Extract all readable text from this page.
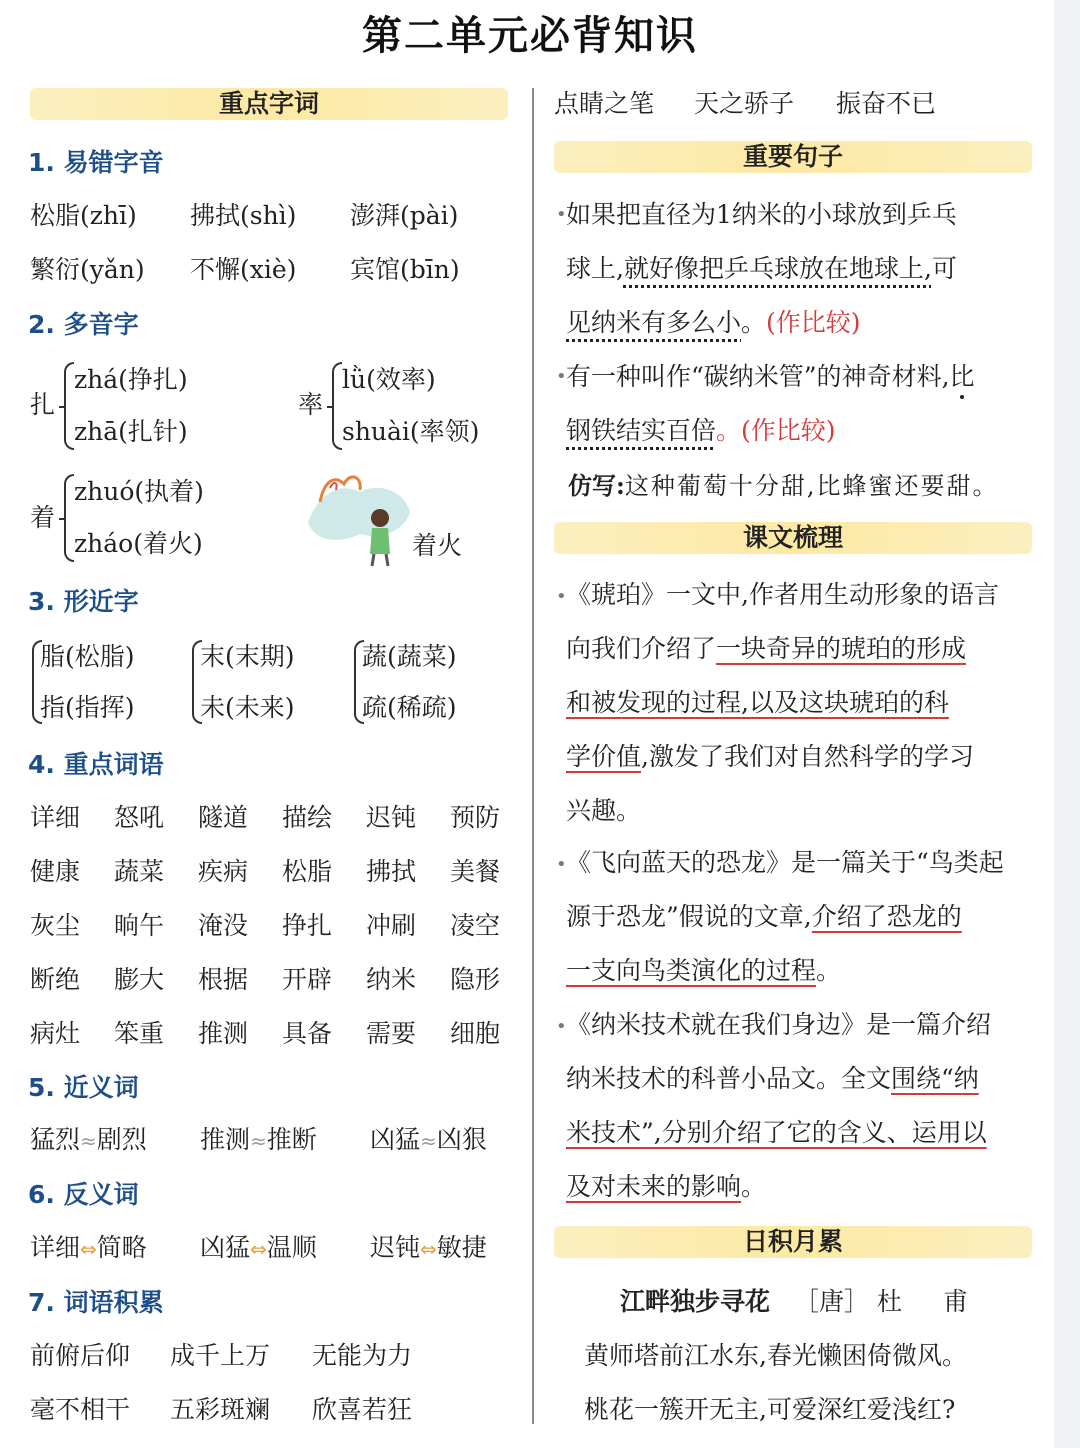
第二单元必背知识
重点字词
1. 易错字音
松脂(zhī) 拂拭(shì) 澎湃(pài)
繁衍(yǎn) 不懈(xiè) 宾馆(bīn)
2. 多音字
扎
zhá(挣扎)
zhā(扎针)
率
lǜ(效率)
shuài(率领)
着
zhuó(执着)
zháo(着火)	着火
3. 形近字
脂(松脂)
指(指挥)
末(末期)
未(未来)
蔬(蔬菜)
疏(稀疏)
4. 重点词语
详细 怒吼 隧道 描绘 迟钝 预防
健康 蔬菜 疾病 松脂 拂拭 美餐
灰尘 晌午 淹没 挣扎 冲刷 凌空
断绝 膨大 根据 开辟 纳米 隐形
病灶 笨重 推测 具备 需要 细胞
5. 近义词
猛烈≈剧烈 推测≈推断 凶猛≈凶狠
6. 反义词
详细⇔简略 凶猛⇔温顺 迟钝⇔敏捷
7. 词语积累
前俯后仰 成千上万 无能为力
毫不相干 五彩斑斓 欣喜若狂
点睛之笔 天之骄子 振奋不已
重要句子
• 如果把直径为1纳米的小球放到乒乓
球上,就好像把乒乓球放在地球上,可
见纳米有多么小。(作比较)
• 有一种叫作“碳纳米管”的神奇材料,比
钢铁结实百倍。(作比较)
仿写:这种葡萄十分甜,比蜂蜜还要甜。
课文梳理
• 《琥珀》一文中,作者用生动形象的语言
向我们介绍了一块奇异的琥珀的形成
和被发现的过程,以及这块琥珀的科
学价值,激发了我们对自然科学的学习
兴趣。
• 《飞向蓝天的恐龙》是一篇关于“鸟类起
源于恐龙”假说的文章,介绍了恐龙的
一支向鸟类演化的过程。
• 《纳米技术就在我们身边》是一篇介绍
纳米技术的科普小品文。全文围绕“纳
米技术”,分别介绍了它的含义、运用以
及对未来的影响。
日积月累
江畔独步寻花 ［唐］ 杜　甫
黄师塔前江水东,春光懒困倚微风。
桃花一簇开无主,可爱深红爱浅红?
